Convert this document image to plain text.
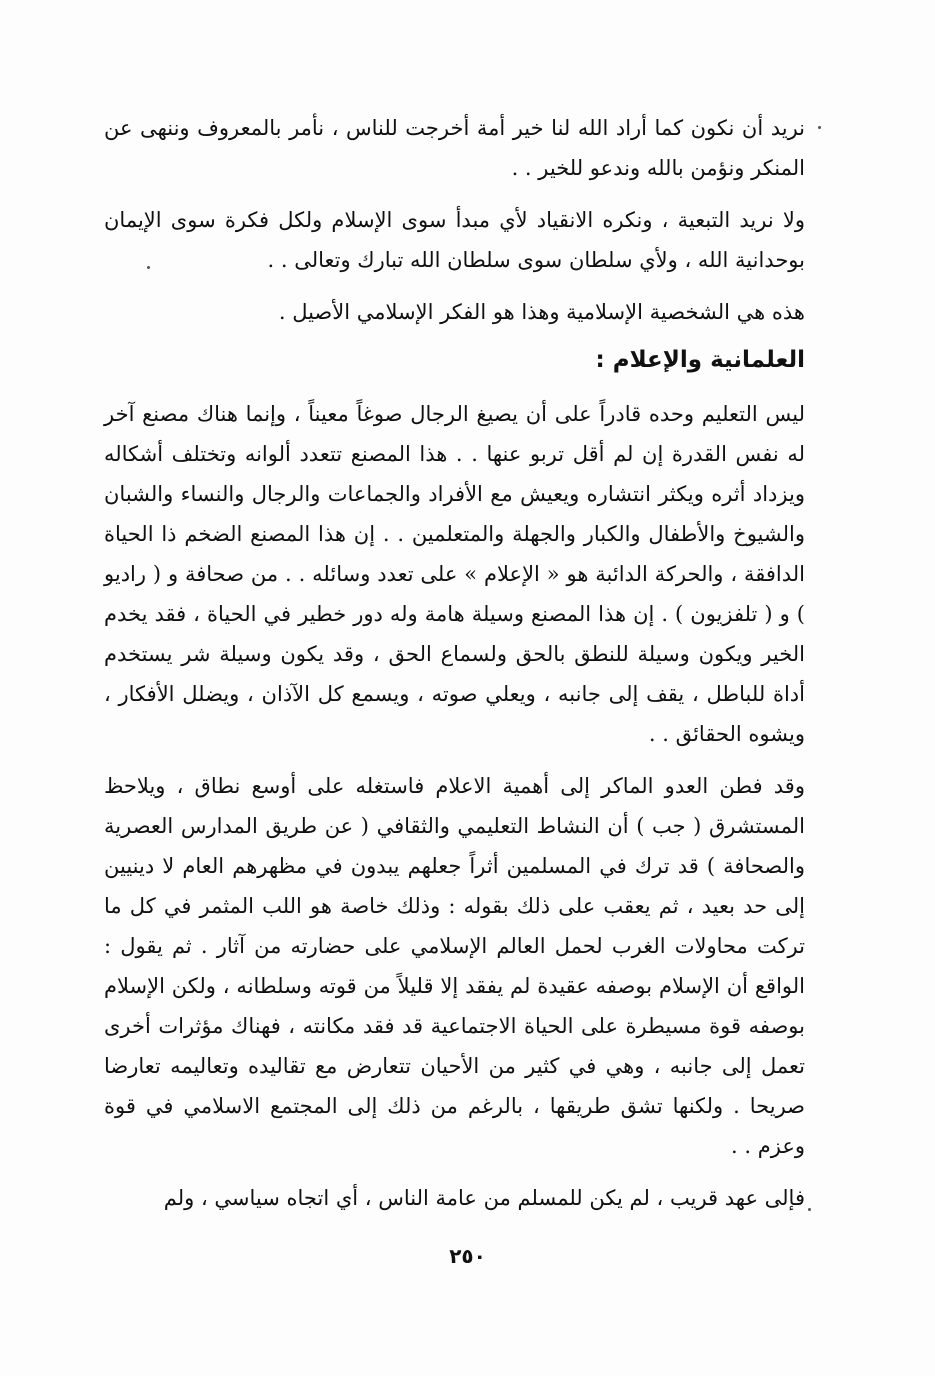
نريد أن نكون كما أراد الله لنا خير أمة أخرجت للناس ، نأمر بالمعروف وننهى عن المنكر ونؤمن بالله وندعو للخير . .

ولا نريد التبعية ، ونكره الانقياد لأي مبدأ سوى الإسلام ولكل فكرة سوى الإيمان بوحدانية الله ، ولأي سلطان سوى سلطان الله تبارك وتعالى . .

هذه هي الشخصية الإسلامية وهذا هو الفكر الإسلامي الأصيل .

العلمانية والإعلام :

ليس التعليم وحده قادراً على أن يصيغ الرجال صوغاً معيناً ، وإنما هناك مصنع آخر له نفس القدرة إن لم أقل تربو عنها . . هذا المصنع تتعدد ألوانه وتختلف أشكاله ويزداد أثره ويكثر انتشاره ويعيش مع الأفراد والجماعات والرجال والنساء والشبان والشيوخ والأطفال والكبار والجهلة والمتعلمين . . إن هذا المصنع الضخم ذا الحياة الدافقة ، والحركة الدائبة هو « الإعلام » على تعدد وسائله . . من صحافة و ( راديو ) و ( تلفزيون ) . إن هذا المصنع وسيلة هامة وله دور خطير في الحياة ، فقد يخدم الخير ويكون وسيلة للنطق بالحق ولسماع الحق ، وقد يكون وسيلة شر يستخدم أداة للباطل ، يقف إلى جانبه ، ويعلي صوته ، ويسمع كل الآذان ، ويضلل الأفكار ، ويشوه الحقائق . .

وقد فطن العدو الماكر إلى أهمية الاعلام فاستغله على أوسع نطاق ، ويلاحظ المستشرق ( جب ) أن النشاط التعليمي والثقافي ( عن طريق المدارس العصرية والصحافة ) قد ترك في المسلمين أثراً جعلهم يبدون في مظهرهم العام لا دينيين إلى حد بعيد ، ثم يعقب على ذلك بقوله : وذلك خاصة هو اللب المثمر في كل ما تركت محاولات الغرب لحمل العالم الإسلامي على حضارته من آثار . ثم يقول : الواقع أن الإسلام بوصفه عقيدة لم يفقد إلا قليلاً من قوته وسلطانه ، ولكن الإسلام بوصفه قوة مسيطرة على الحياة الاجتماعية قد فقد مكانته ، فهناك مؤثرات أخرى تعمل إلى جانبه ، وهي في كثير من الأحيان تتعارض مع تقاليده وتعاليمه تعارضا صريحا . ولكنها تشق طريقها ، بالرغم من ذلك إلى المجتمع الاسلامي في قوة وعزم . .

فإلى عهد قريب ، لم يكن للمسلم من عامة الناس ، أي اتجاه سياسي ، ولم

٢٥٠
